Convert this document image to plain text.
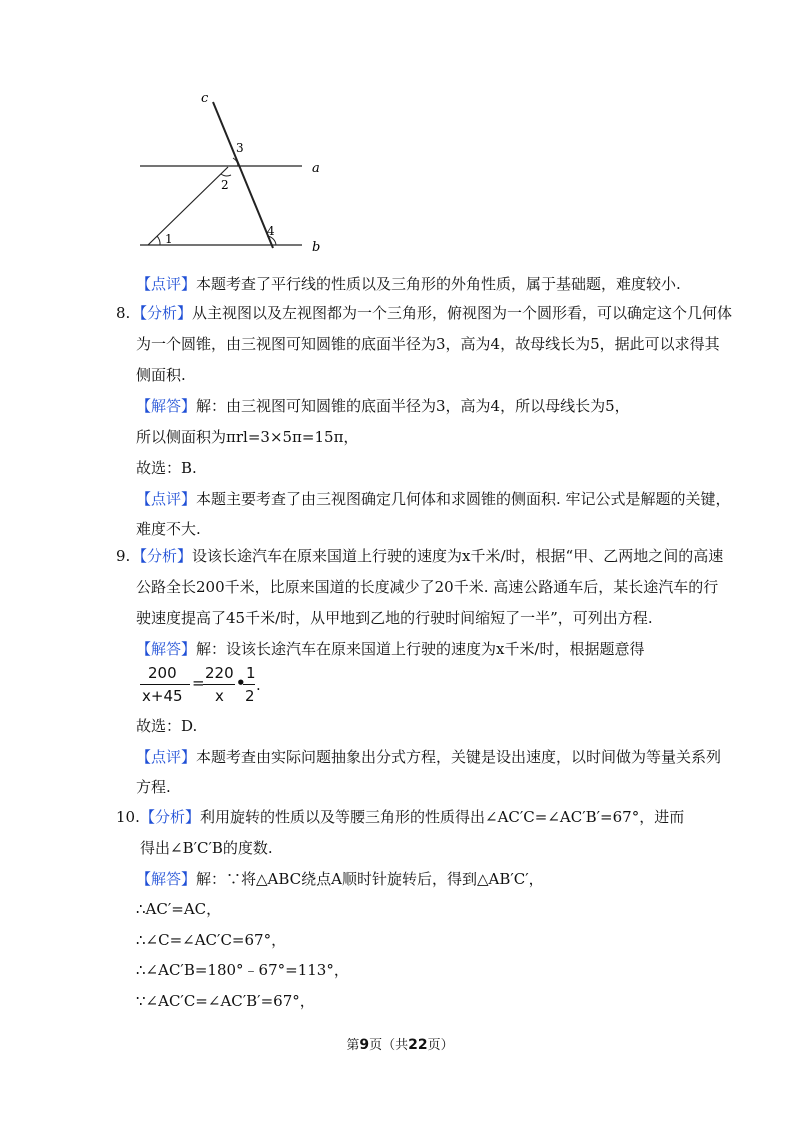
c
a
b
1
2
3
4
【点评】本题考查了平行线的性质以及三角形的外角性质，属于基础题，难度较小.
8. 【分析】从主视图以及左视图都为一个三角形，俯视图为一个圆形看，可以确定这个几何体
为一个圆锥，由三视图可知圆锥的底面半径为3，高为4，故母线长为5，据此可以求得其
侧面积.
【解答】解：由三视图可知圆锥的底面半径为3，高为4，所以母线长为5，
所以侧面积为πrl=3×5π=15π，
故选：B.
【点评】本题主要考查了由三视图确定几何体和求圆锥的侧面积. 牢记公式是解题的关键，
难度不大.
9. 【分析】设该长途汽车在原来国道上行驶的速度为x千米/时，根据“甲、乙两地之间的高速
公路全长200千米，比原来国道的长度减少了20千米. 高速公路通车后，某长途汽车的行
驶速度提高了45千米/时，从甲地到乙地的行驶时间缩短了一半”，可列出方程.
【解答】解：设该长途汽车在原来国道上行驶的速度为x千米/时，根据题意得
200
x+45
=
220
x
•
1
2
.
故选：D.
【点评】本题考查由实际问题抽象出分式方程，关键是设出速度，以时间做为等量关系列
方程.
10. 【分析】利用旋转的性质以及等腰三角形的性质得出∠AC′C=∠AC′B′=67°，进而
得出∠B′C′B的度数.
【解答】解：∵将△ABC绕点A顺时针旋转后，得到△AB′C′，
∴AC′=AC，
∴∠C=∠AC′C=67°，
∴∠AC′B=180°﹣67°=113°，
∵∠AC′C=∠AC′B′=67°，
第9页（共22页）
